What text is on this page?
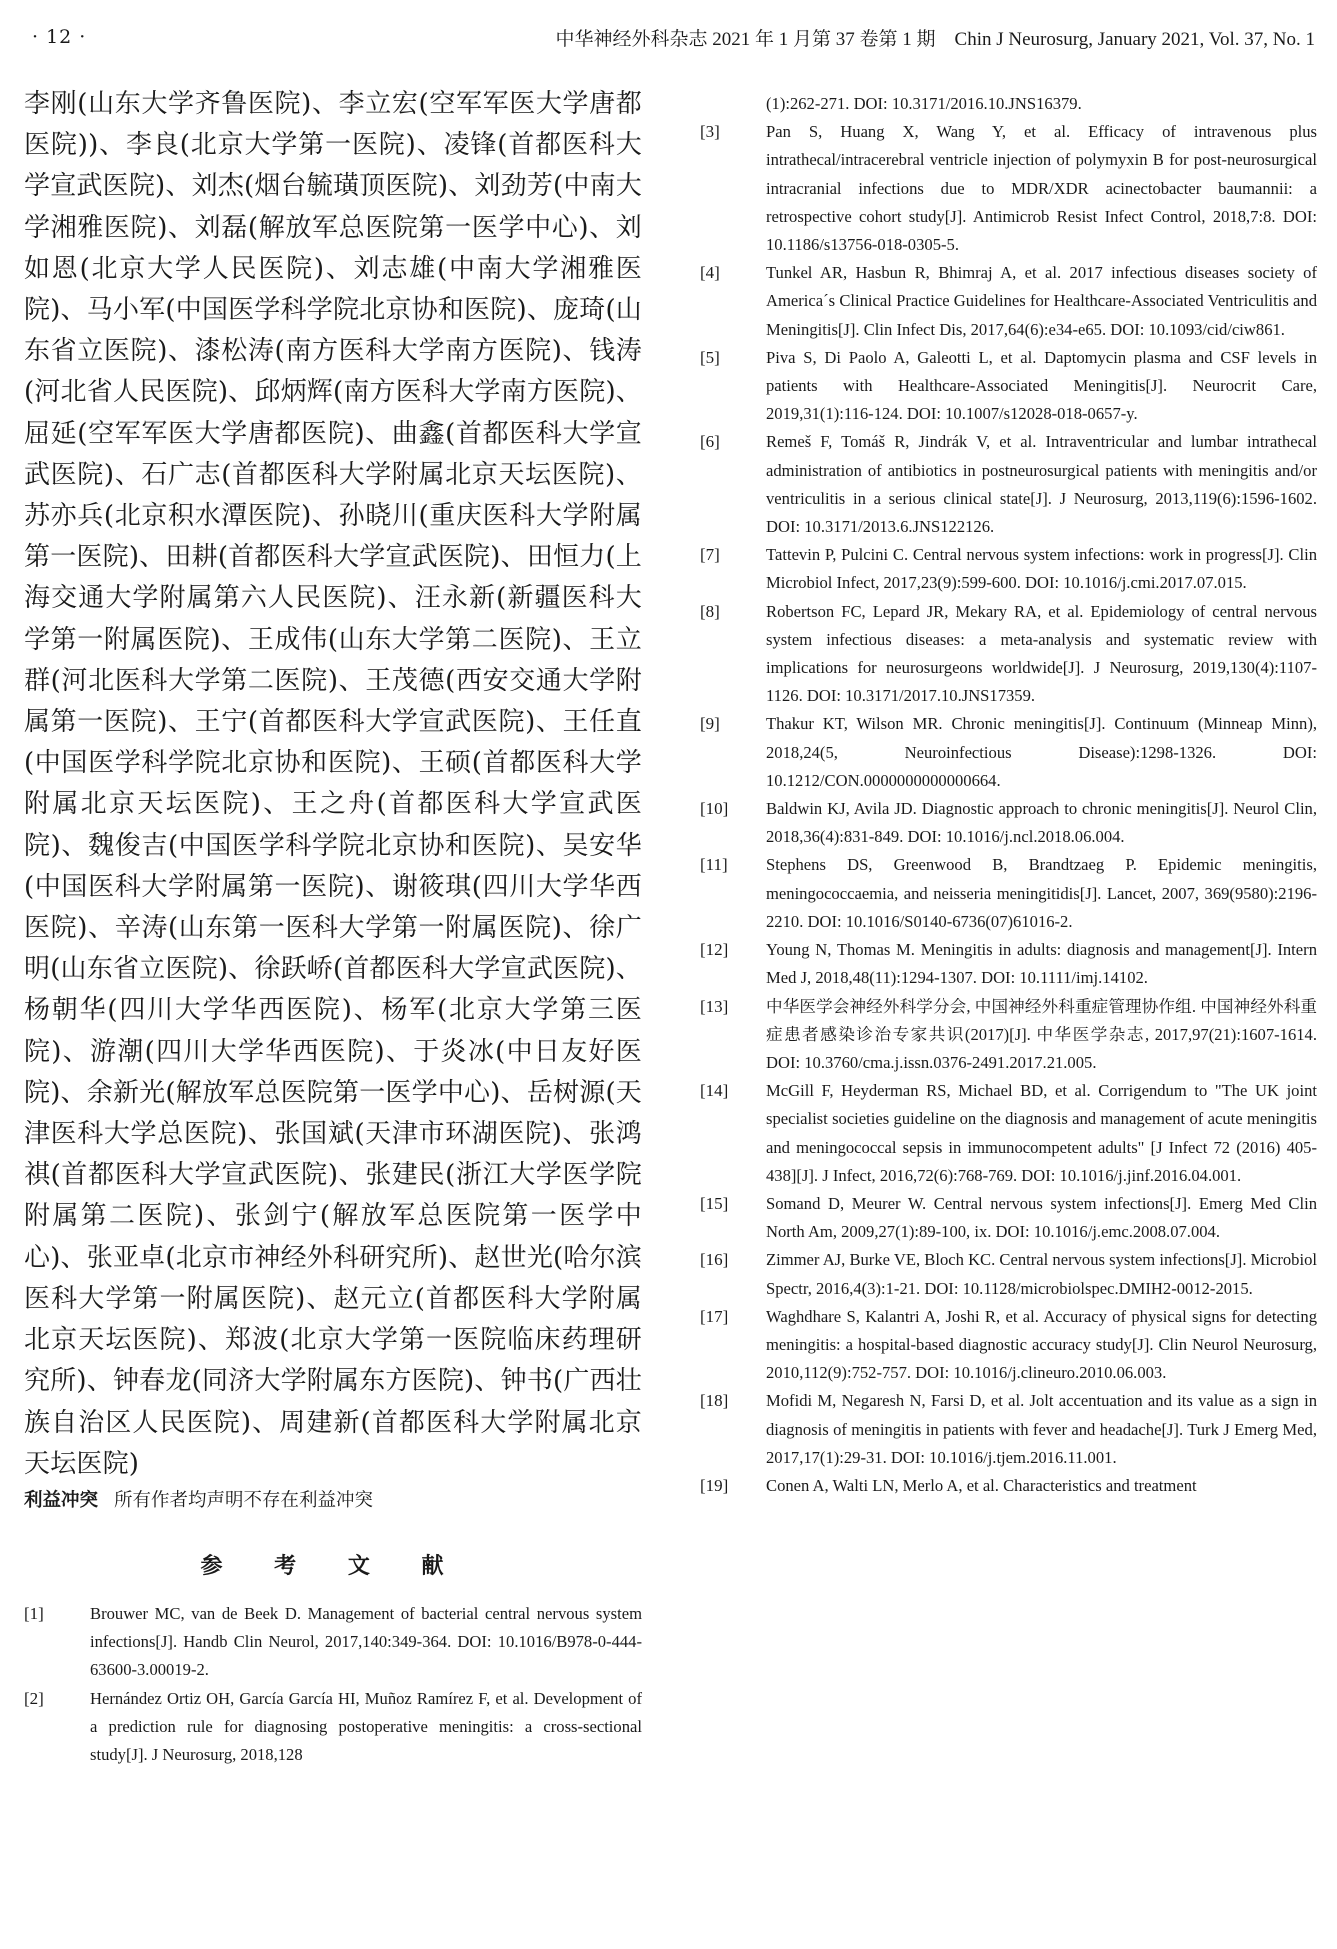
· 12 ·	中华神经外科杂志 2021 年 1 月第 37 卷第 1 期　Chin J Neurosurg, January 2021, Vol. 37, No. 1
李刚(山东大学齐鲁医院)、李立宏(空军军医大学唐都医院))、李良(北京大学第一医院)、凌锋(首都医科大学宣武医院)、刘杰(烟台毓璜顶医院)、刘劲芳(中南大学湘雅医院)、刘磊(解放军总医院第一医学中心)、刘如恩(北京大学人民医院)、刘志雄(中南大学湘雅医院)、马小军(中国医学科学院北京协和医院)、庞琦(山东省立医院)、漆松涛(南方医科大学南方医院)、钱涛(河北省人民医院)、邱炳辉(南方医科大学南方医院)、屈延(空军军医大学唐都医院)、曲鑫(首都医科大学宣武医院)、石广志(首都医科大学附属北京天坛医院)、苏亦兵(北京积水潭医院)、孙晓川(重庆医科大学附属第一医院)、田耕(首都医科大学宣武医院)、田恒力(上海交通大学附属第六人民医院)、汪永新(新疆医科大学第一附属医院)、王成伟(山东大学第二医院)、王立群(河北医科大学第二医院)、王茂德(西安交通大学附属第一医院)、王宁(首都医科大学宣武医院)、王任直(中国医学科学院北京协和医院)、王硕(首都医科大学附属北京天坛医院)、王之舟(首都医科大学宣武医院)、魏俊吉(中国医学科学院北京协和医院)、吴安华(中国医科大学附属第一医院)、谢筱琪(四川大学华西医院)、辛涛(山东第一医科大学第一附属医院)、徐广明(山东省立医院)、徐跃峤(首都医科大学宣武医院)、杨朝华(四川大学华西医院)、杨军(北京大学第三医院)、游潮(四川大学华西医院)、于炎冰(中日友好医院)、余新光(解放军总医院第一医学中心)、岳树源(天津医科大学总医院)、张国斌(天津市环湖医院)、张鸿祺(首都医科大学宣武医院)、张建民(浙江大学医学院附属第二医院)、张剑宁(解放军总医院第一医学中心)、张亚卓(北京市神经外科研究所)、赵世光(哈尔滨医科大学第一附属医院)、赵元立(首都医科大学附属北京天坛医院)、郑波(北京大学第一医院临床药理研究所)、钟春龙(同济大学附属东方医院)、钟书(广西壮族自治区人民医院)、周建新(首都医科大学附属北京天坛医院)
利益冲突 所有作者均声明不存在利益冲突
参 考 文 献
[1]	Brouwer MC, van de Beek D. Management of bacterial central nervous system infections[J]. Handb Clin Neurol, 2017,140:349-364. DOI: 10.1016/B978-0-444-63600-3.00019-2.
[2]	Hernández Ortiz OH, García García HI, Muñoz Ramírez F, et al. Development of a prediction rule for diagnosing postoperative meningitis: a cross-sectional study[J]. J Neurosurg, 2018,128
(1):262-271. DOI: 10.3171/2016.10.JNS16379.
[3]	Pan S, Huang X, Wang Y, et al. Efficacy of intravenous plus intrathecal/intracerebral ventricle injection of polymyxin B for post-neurosurgical intracranial infections due to MDR/XDR acinectobacter baumannii: a retrospective cohort study[J]. Antimicrob Resist Infect Control, 2018,7:8. DOI: 10.1186/s13756-018-0305-5.
[4]	Tunkel AR, Hasbun R, Bhimraj A, et al. 2017 infectious diseases society of America´s Clinical Practice Guidelines for Healthcare-Associated Ventriculitis and Meningitis[J]. Clin Infect Dis, 2017,64(6):e34-e65. DOI: 10.1093/cid/ciw861.
[5]	Piva S, Di Paolo A, Galeotti L, et al. Daptomycin plasma and CSF levels in patients with Healthcare-Associated Meningitis[J]. Neurocrit Care, 2019,31(1):116-124. DOI: 10.1007/s12028-018-0657-y.
[6]	Remeš F, Tomáš R, Jindrák V, et al. Intraventricular and lumbar intrathecal administration of antibiotics in postneurosurgical patients with meningitis and/or ventriculitis in a serious clinical state[J]. J Neurosurg, 2013,119(6):1596-1602. DOI: 10.3171/2013.6.JNS122126.
[7]	Tattevin P, Pulcini C. Central nervous system infections: work in progress[J]. Clin Microbiol Infect, 2017,23(9):599-600. DOI: 10.1016/j.cmi.2017.07.015.
[8]	Robertson FC, Lepard JR, Mekary RA, et al. Epidemiology of central nervous system infectious diseases: a meta-analysis and systematic review with implications for neurosurgeons worldwide[J]. J Neurosurg, 2019,130(4):1107-1126. DOI: 10.3171/2017.10.JNS17359.
[9]	Thakur KT, Wilson MR. Chronic meningitis[J]. Continuum (Minneap Minn), 2018,24(5, Neuroinfectious Disease):1298-1326. DOI: 10.1212/CON.0000000000000664.
[10]	Baldwin KJ, Avila JD. Diagnostic approach to chronic meningitis[J]. Neurol Clin, 2018,36(4):831-849. DOI: 10.1016/j.ncl.2018.06.004.
[11]	Stephens DS, Greenwood B, Brandtzaeg P. Epidemic meningitis, meningococcaemia, and neisseria meningitidis[J]. Lancet, 2007, 369(9580):2196-2210. DOI: 10.1016/S0140-6736(07)61016-2.
[12]	Young N, Thomas M. Meningitis in adults: diagnosis and management[J]. Intern Med J, 2018,48(11):1294-1307. DOI: 10.1111/imj.14102.
[13]	中华医学会神经外科学分会, 中国神经外科重症管理协作组. 中国神经外科重症患者感染诊治专家共识(2017)[J]. 中华医学杂志, 2017,97(21):1607-1614. DOI: 10.3760/cma.j.issn.0376-2491.2017.21.005.
[14]	McGill F, Heyderman RS, Michael BD, et al. Corrigendum to "The UK joint specialist societies guideline on the diagnosis and management of acute meningitis and meningococcal sepsis in immunocompetent adults" [J Infect 72 (2016) 405-438][J]. J Infect, 2016,72(6):768-769. DOI: 10.1016/j.jinf.2016.04.001.
[15]	Somand D, Meurer W. Central nervous system infections[J]. Emerg Med Clin North Am, 2009,27(1):89-100, ix. DOI: 10.1016/j.emc.2008.07.004.
[16]	Zimmer AJ, Burke VE, Bloch KC. Central nervous system infections[J]. Microbiol Spectr, 2016,4(3):1-21. DOI: 10.1128/microbiolspec.DMIH2-0012-2015.
[17]	Waghdhare S, Kalantri A, Joshi R, et al. Accuracy of physical signs for detecting meningitis: a hospital-based diagnostic accuracy study[J]. Clin Neurol Neurosurg, 2010,112(9):752-757. DOI: 10.1016/j.clineuro.2010.06.003.
[18]	Mofidi M, Negaresh N, Farsi D, et al. Jolt accentuation and its value as a sign in diagnosis of meningitis in patients with fever and headache[J]. Turk J Emerg Med, 2017,17(1):29-31. DOI: 10.1016/j.tjem.2016.11.001.
[19]	Conen A, Walti LN, Merlo A, et al. Characteristics and treatment
